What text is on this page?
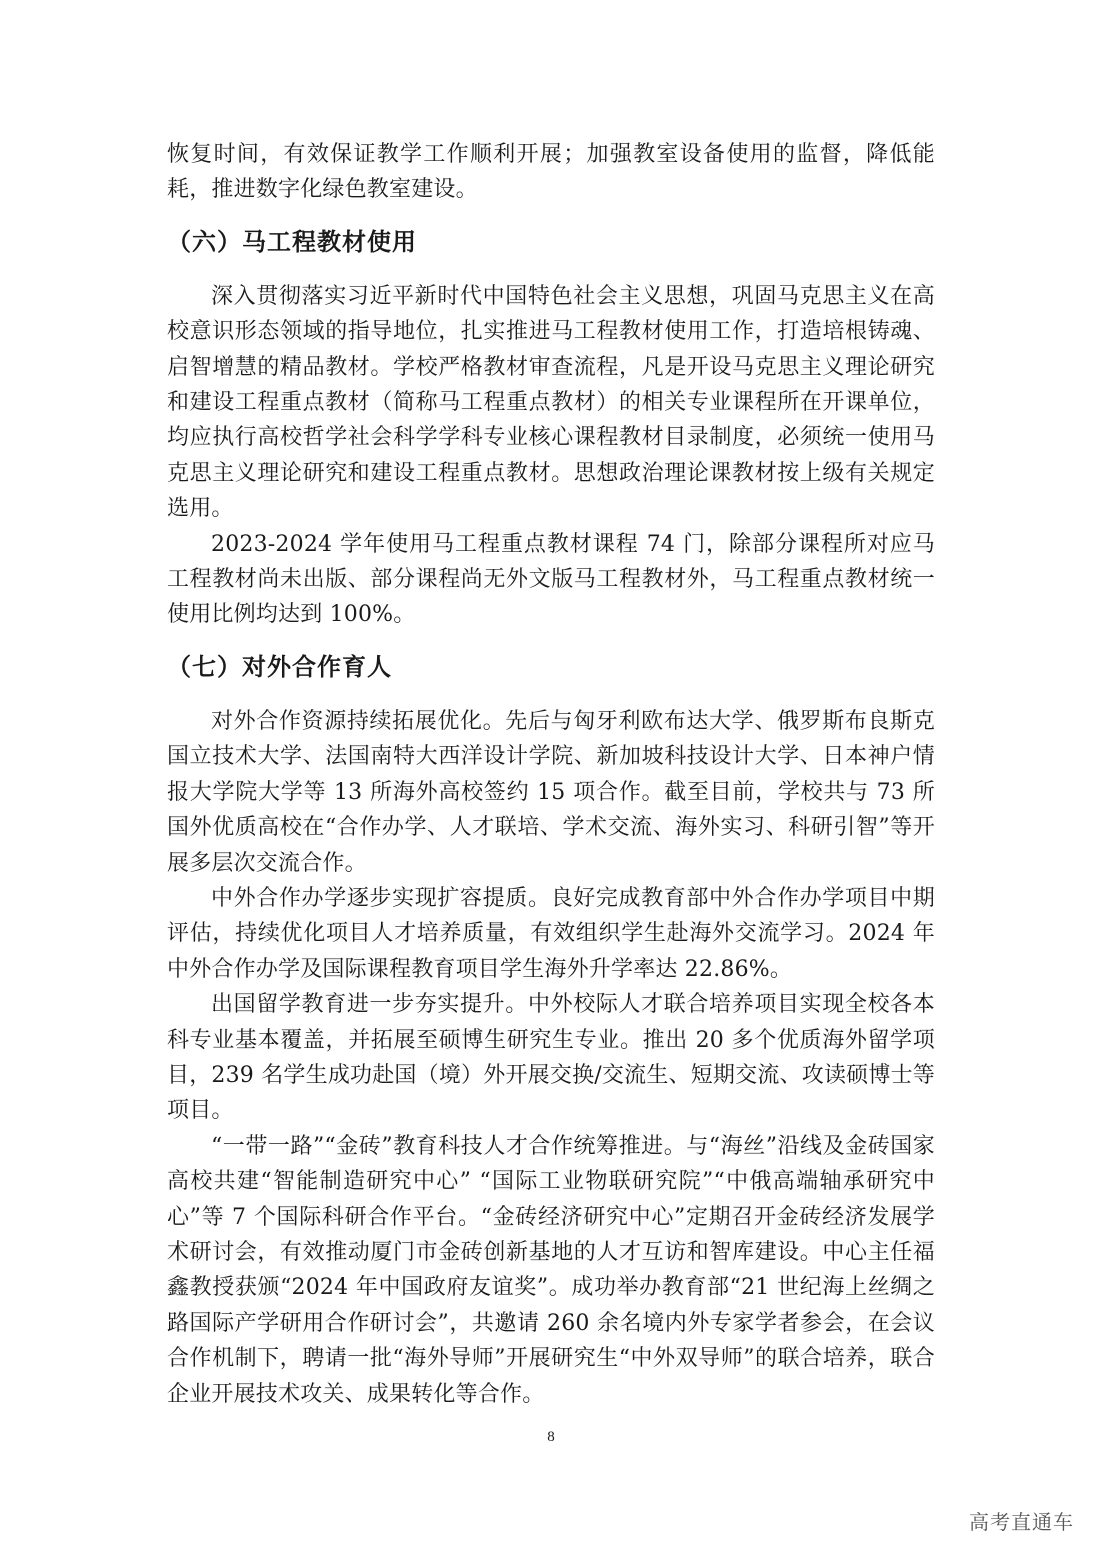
恢复时间，有效保证教学工作顺利开展；加强教室设备使用的监督，降低能耗，推进数字化绿色教室建设。

（六）马工程教材使用

深入贯彻落实习近平新时代中国特色社会主义思想，巩固马克思主义在高校意识形态领域的指导地位，扎实推进马工程教材使用工作，打造培根铸魂、启智增慧的精品教材。学校严格教材审查流程，凡是开设马克思主义理论研究和建设工程重点教材（简称马工程重点教材）的相关专业课程所在开课单位，均应执行高校哲学社会科学学科专业核心课程教材目录制度，必须统一使用马克思主义理论研究和建设工程重点教材。思想政治理论课教材按上级有关规定选用。

2023-2024 学年使用马工程重点教材课程 74 门，除部分课程所对应马工程教材尚未出版、部分课程尚无外文版马工程教材外，马工程重点教材统一使用比例均达到 100%。

（七）对外合作育人

对外合作资源持续拓展优化。先后与匈牙利欧布达大学、俄罗斯布良斯克国立技术大学、法国南特大西洋设计学院、新加坡科技设计大学、日本神户情报大学院大学等 13 所海外高校签约 15 项合作。截至目前，学校共与 73 所国外优质高校在“合作办学、人才联培、学术交流、海外实习、科研引智”等开展多层次交流合作。

中外合作办学逐步实现扩容提质。良好完成教育部中外合作办学项目中期评估，持续优化项目人才培养质量，有效组织学生赴海外交流学习。2024 年中外合作办学及国际课程教育项目学生海外升学率达 22.86%。

出国留学教育进一步夯实提升。中外校际人才联合培养项目实现全校各本科专业基本覆盖，并拓展至硕博生研究生专业。推出 20 多个优质海外留学项目，239 名学生成功赴国（境）外开展交换/交流生、短期交流、攻读硕博士等项目。

“一带一路”“金砖”教育科技人才合作统筹推进。与“海丝”沿线及金砖国家高校共建“智能制造研究中心” “国际工业物联研究院”“中俄高端轴承研究中心”等 7 个国际科研合作平台。“金砖经济研究中心”定期召开金砖经济发展学术研讨会，有效推动厦门市金砖创新基地的人才互访和智库建设。中心主任福鑫教授获颁“2024 年中国政府友谊奖”。成功举办教育部“21 世纪海上丝绸之路国际产学研用合作研讨会”，共邀请 260 余名境内外专家学者参会，在会议合作机制下，聘请一批“海外导师”开展研究生“中外双导师”的联合培养，联合企业开展技术攻关、成果转化等合作。

8
高考直通车
